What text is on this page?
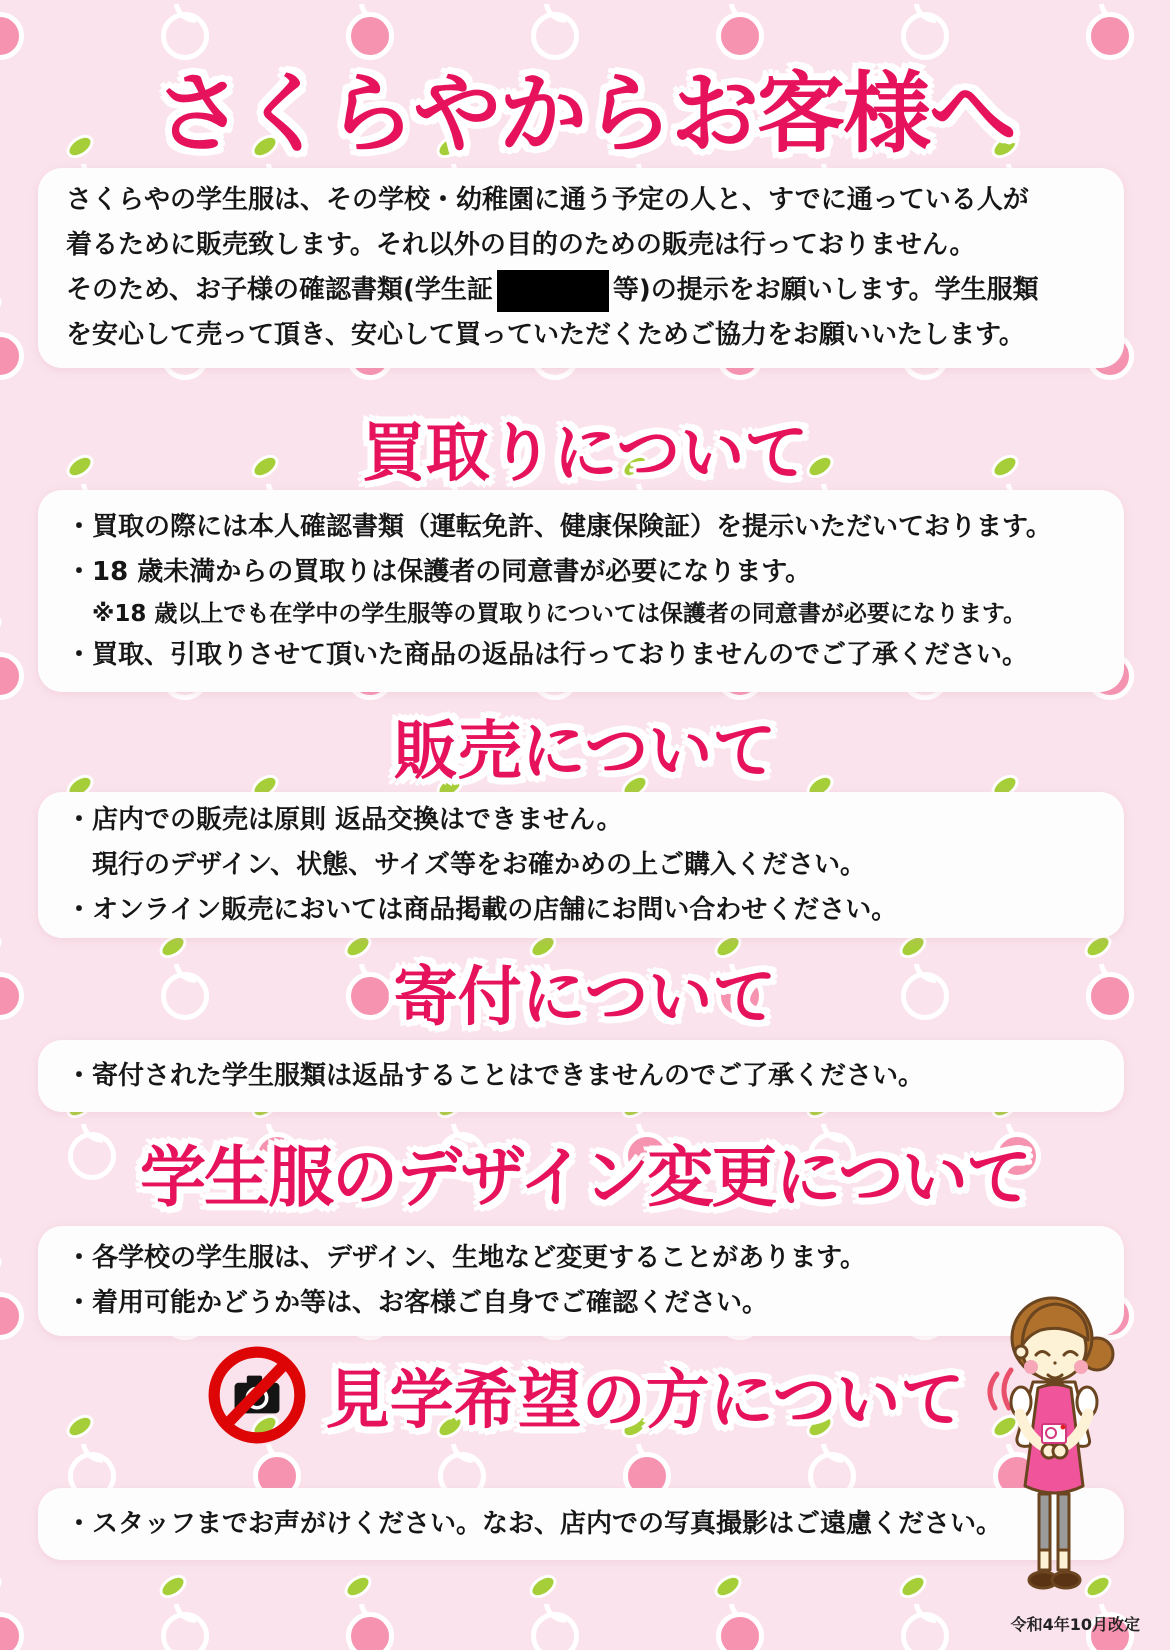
さくらやからお客様へ

さくらやの学生服は、その学校・幼稚園に通う予定の人と、すでに通っている人が

着るために販売致します。それ以外の目的のための販売は行っておりません。

そのため、お子様の確認書類(学生証	等)の提示をお願いします。学生服類

を安心して売って頂き、安心して買っていただくためご協力をお願いいたします。

買取りについて

・買取の際には本人確認書類（運転免許、健康保険証）を提示いただいております。

・18 歳未満からの買取りは保護者の同意書が必要になります。

※18 歳以上でも在学中の学生服等の買取りについては保護者の同意書が必要になります。

・買取、引取りさせて頂いた商品の返品は行っておりませんのでご了承ください。

販売について

・店内での販売は原則 返品交換はできません。

現行のデザイン、状態、サイズ等をお確かめの上ご購入ください。

・オンライン販売においては商品掲載の店舗にお問い合わせください。

寄付について

・寄付された学生服類は返品することはできませんのでご了承ください。

学生服のデザイン変更について

・各学校の学生服は、デザイン、生地など変更することがあります。

・着用可能かどうか等は、お客様ご自身でご確認ください。

見学希望の方について

・スタッフまでお声がけください。なお、店内での写真撮影はご遠慮ください。

令和4年10月改定
